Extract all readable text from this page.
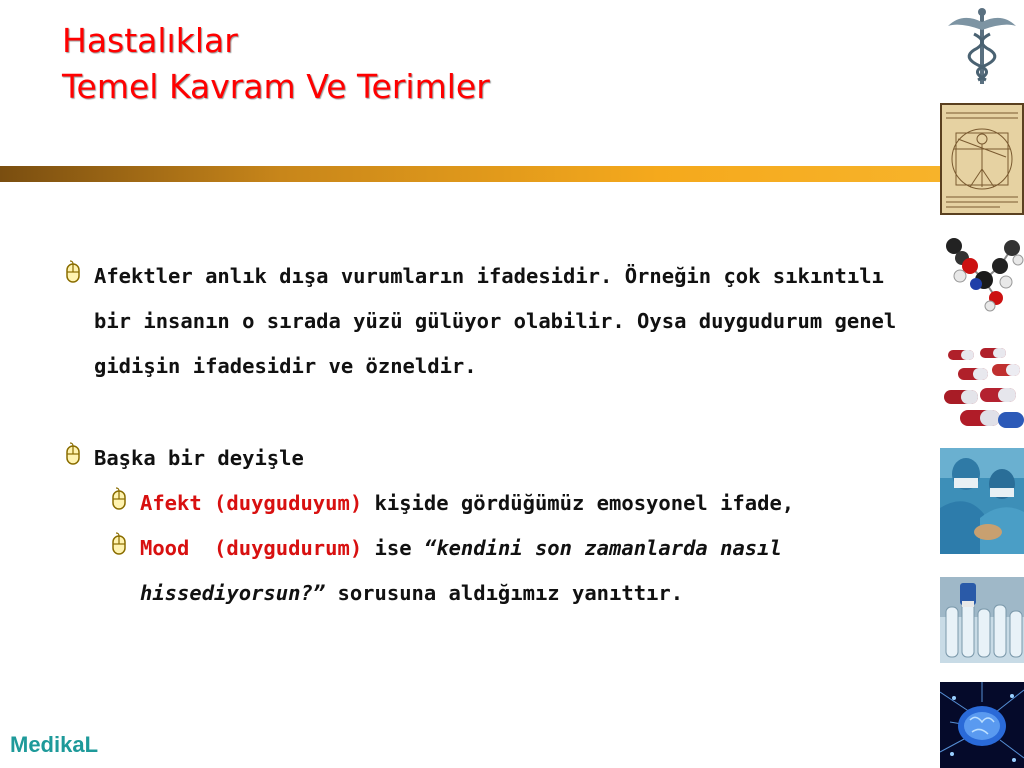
Hastalıklar
Temel Kavram Ve Terimler
Afektler anlık dışa vurumların ifadesidir. Örneğin çok sıkıntılı bir insanın o sırada yüzü gülüyor olabilir. Oysa duygudurum genel gidişin ifadesidir ve özneldir.
Başka bir deyişle
Afekt (duyguduyum) kişide gördüğümüz emosyonel ifade,
Mood  (duygudurum) ise “kendini son zamanlarda nasıl hissediyorsun?” sorusuna aldığımız yanıttır.
MedikaL
